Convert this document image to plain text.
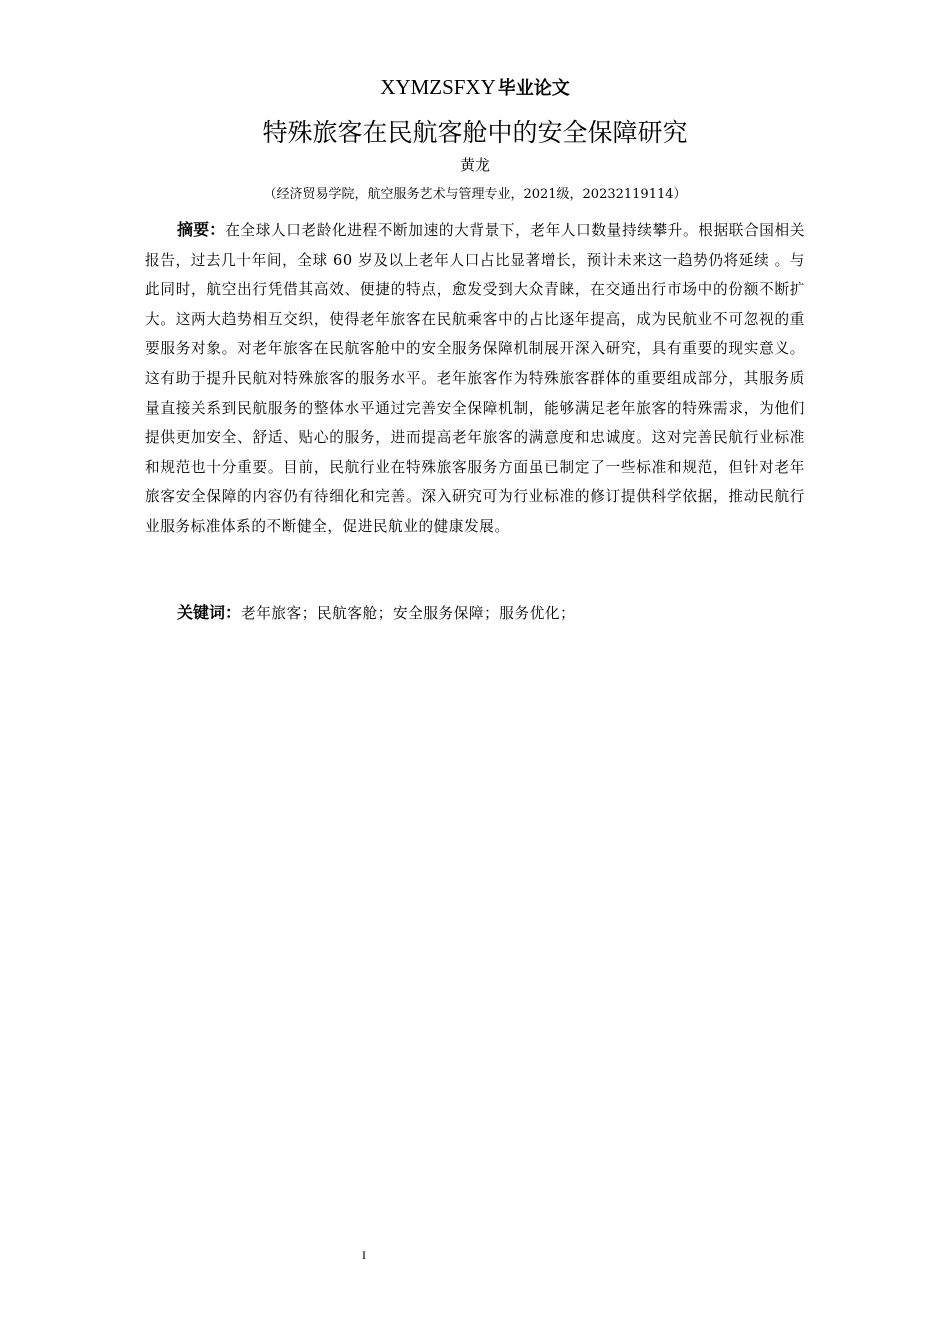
XYMZSFXY 毕业论文
特殊旅客在民航客舱中的安全保障研究
黄龙
（经济贸易学院，航空服务艺术与管理专业，2021级，20232119114）

摘要：在全球人口老龄化进程不断加速的大背景下，老年人口数量持续攀升。根据联合国相关报告，过去几十年间，全球 60 岁及以上老年人口占比显著增长，预计未来这一趋势仍将延续 。与此同时，航空出行凭借其高效、便捷的特点，愈发受到大众青睐，在交通出行市场中的份额不断扩大。这两大趋势相互交织，使得老年旅客在民航乘客中的占比逐年提高，成为民航业不可忽视的重要服务对象。对老年旅客在民航客舱中的安全服务保障机制展开深入研究，具有重要的现实意义。这有助于提升民航对特殊旅客的服务水平。老年旅客作为特殊旅客群体的重要组成部分，其服务质量直接关系到民航服务的整体水平通过完善安全保障机制，能够满足老年旅客的特殊需求，为他们提供更加安全、舒适、贴心的服务，进而提高老年旅客的满意度和忠诚度。这对完善民航行业标准和规范也十分重要。目前，民航行业在特殊旅客服务方面虽已制定了一些标准和规范，但针对老年旅客安全保障的内容仍有待细化和完善。深入研究可为行业标准的修订提供科学依据，推动民航行业服务标准体系的不断健全，促进民航业的健康发展。

关键词：老年旅客；民航客舱；安全服务保障；服务优化；

I
